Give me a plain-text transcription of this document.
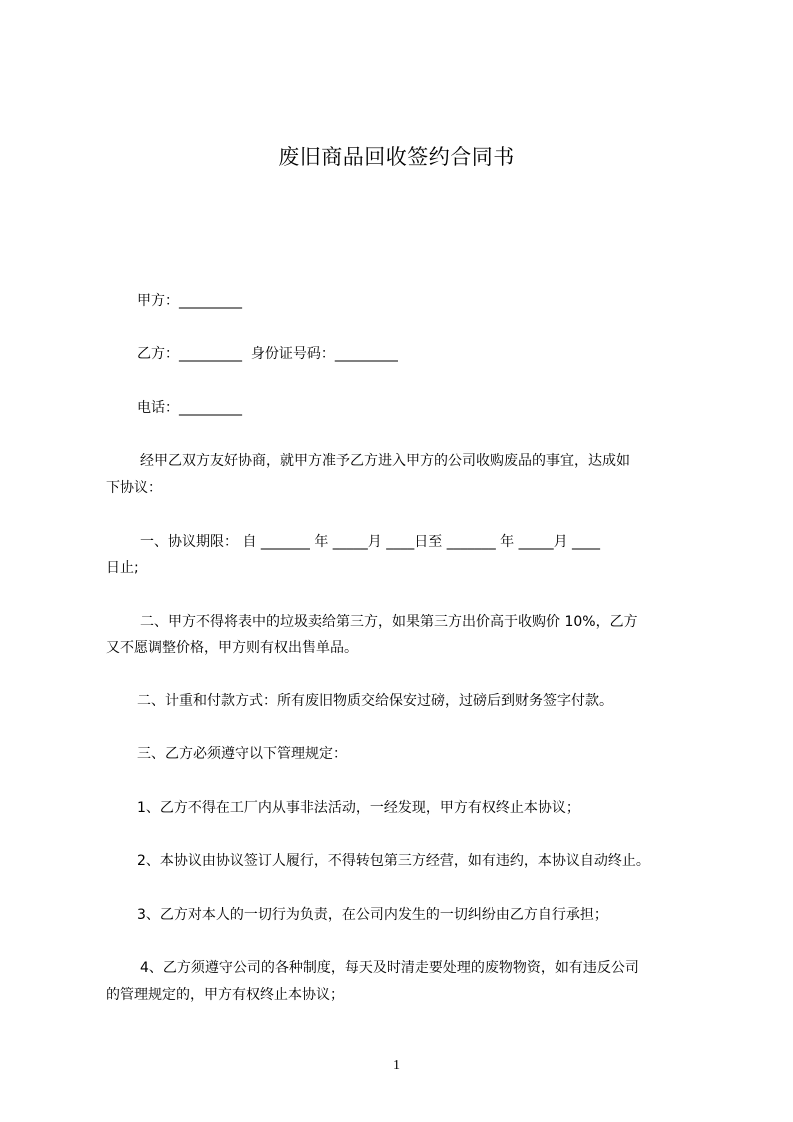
废旧商品回收签约合同书
甲方：_________
乙方：_________  身份证号码：_________
电话：_________
经甲乙双方友好协商，就甲方准予乙方进入甲方的公司收购废品的事宜，达成如
下协议：
一、协议期限： 自 _______ 年 _____月 ____日至 _______ 年 _____月 ____
日止;
二、甲方不得将表中的垃圾卖给第三方，如果第三方出价高于收购价 10%，乙方
又不愿调整价格，甲方则有权出售单品。
二、计重和付款方式：所有废旧物质交给保安过磅，过磅后到财务签字付款。
三、乙方必须遵守以下管理规定：
1、乙方不得在工厂内从事非法活动，一经发现，甲方有权终止本协议；
2、本协议由协议签订人履行，不得转包第三方经营，如有违约，本协议自动终止。
3、乙方对本人的一切行为负责，在公司内发生的一切纠纷由乙方自行承担；
4、乙方须遵守公司的各种制度，每天及时清走要处理的废物物资，如有违反公司
的管理规定的，甲方有权终止本协议；
1
